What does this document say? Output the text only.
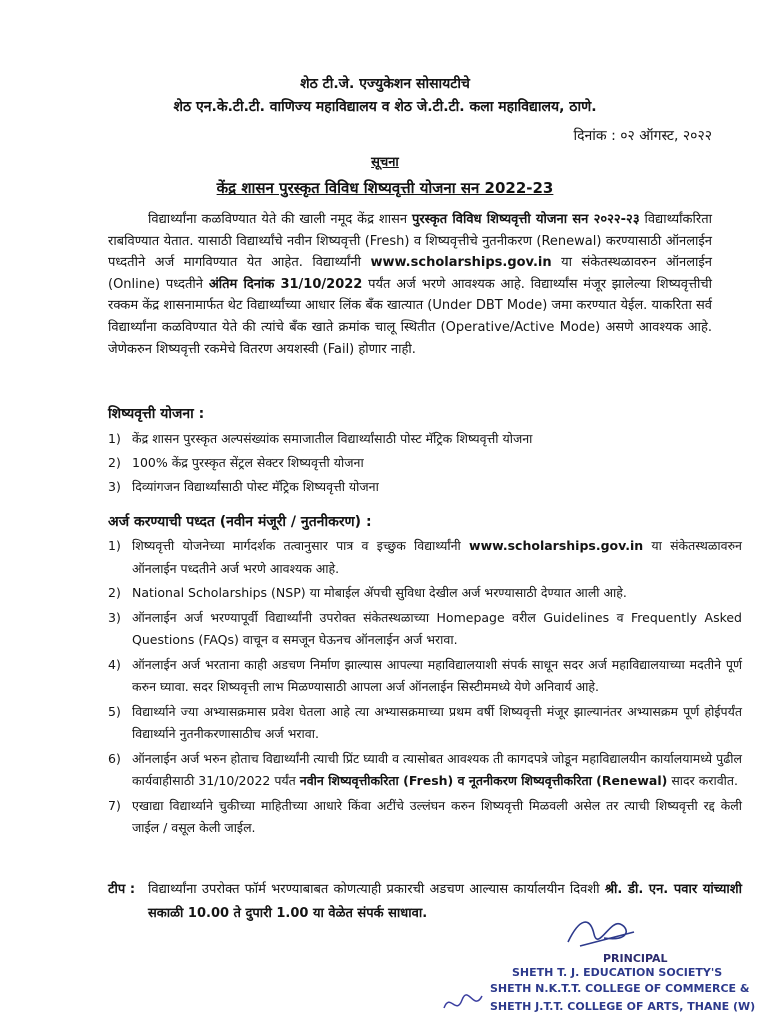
शेठ टी.जे. एज्युकेशन सोसायटीचे
शेठ एन.के.टी.टी. वाणिज्य महाविद्यालय व शेठ जे.टी.टी. कला महाविद्यालय, ठाणे.
दिनांक : ०२ ऑगस्ट, २०२२
सूचना
केंद्र शासन पुरस्कृत विविध शिष्यवृत्ती योजना सन 2022-23

विद्यार्थ्यांना कळविण्यात येते की खाली नमूद केंद्र शासन पुरस्कृत विविध शिष्यवृत्ती योजना सन २०२२-२३ विद्यार्थ्यांकरिता राबविण्यात येतात. यासाठी विद्यार्थ्यांचे नवीन शिष्यवृत्ती (Fresh) व शिष्यवृत्तीचे नुतनीकरण (Renewal) करण्यासाठी ऑनलाईन पध्दतीने अर्ज मागविण्यात येत आहेत. विद्यार्थ्यांनी www.scholarships.gov.in या संकेतस्थळावरुन ऑनलाईन (Online) पध्दतीने अंतिम दिनांक 31/10/2022 पर्यंत अर्ज भरणे आवश्यक आहे. विद्यार्थ्यांस मंजूर झालेल्या शिष्यवृत्तीची रक्कम केंद्र शासनामार्फत थेट विद्यार्थ्यांच्या आधार लिंक बँक खात्यात (Under DBT Mode) जमा करण्यात येईल. याकरिता सर्व विद्यार्थ्यांना कळविण्यात येते की त्यांचे बँक खाते क्रमांक चालू स्थितीत (Operative/Active Mode) असणे आवश्यक आहे. जेणेकरुन शिष्यवृत्ती रकमेचे वितरण अयशस्वी (Fail) होणार नाही.

शिष्यवृत्ती योजना :
1) केंद्र शासन पुरस्कृत अल्पसंख्यांक समाजातील विद्यार्थ्यांसाठी पोस्ट मॅट्रिक शिष्यवृत्ती योजना
2) 100% केंद्र पुरस्कृत सेंट्रल सेक्टर शिष्यवृत्ती योजना
3) दिव्यांगजन विद्यार्थ्यांसाठी पोस्ट मॅट्रिक शिष्यवृत्ती योजना
अर्ज करण्याची पध्दत (नवीन मंजूरी / नुतनीकरण) :
1) शिष्यवृत्ती योजनेच्या मार्गदर्शक तत्वानुसार पात्र व इच्छुक विद्यार्थ्यांनी www.scholarships.gov.in या संकेतस्थळावरुन ऑनलाईन पध्दतीने अर्ज भरणे आवश्यक आहे.
2) National Scholarships (NSP) या मोबाईल ॲपची सुविधा देखील अर्ज भरण्यासाठी देण्यात आली आहे.
3) ऑनलाईन अर्ज भरण्यापूर्वी विद्यार्थ्यांनी उपरोक्त संकेतस्थळाच्या Homepage वरील Guidelines व Frequently Asked Questions (FAQs) वाचून व समजून घेऊनच ऑनलाईन अर्ज भरावा.
4) ऑनलाईन अर्ज भरताना काही अडचण निर्माण झाल्यास आपल्या महाविद्यालयाशी संपर्क साधून सदर अर्ज महाविद्यालयाच्या मदतीने पूर्ण करुन घ्यावा. सदर शिष्यवृत्ती लाभ मिळण्यासाठी आपला अर्ज ऑनलाईन सिस्टीममध्ये येणे अनिवार्य आहे.
5) विद्यार्थ्याने ज्या अभ्यासक्रमास प्रवेश घेतला आहे त्या अभ्यासक्रमाच्या प्रथम वर्षी शिष्यवृत्ती मंजूर झाल्यानंतर अभ्यासक्रम पूर्ण होईपर्यंत विद्यार्थ्याने नुतनीकरणासाठीच अर्ज भरावा.
6) ऑनलाईन अर्ज भरुन होताच विद्यार्थ्यांनी त्याची प्रिंट घ्यावी व त्यासोबत आवश्यक ती कागदपत्रे जोडून महाविद्यालयीन कार्यालयामध्ये पुढील कार्यवाहीसाठी 31/10/2022 पर्यंत नवीन शिष्यवृत्तीकरिता (Fresh) व नूतनीकरण शिष्यवृत्तीकरिता (Renewal) सादर करावीत.
7) एखाद्या विद्यार्थ्याने चुकीच्या माहितीच्या आधारे किंवा अटींचे उल्लंघन करुन शिष्यवृत्ती मिळवली असेल तर त्याची शिष्यवृत्ती रद्द केली जाईल / वसूल केली जाईल.
टीप : विद्यार्थ्यांना उपरोक्त फॉर्म भरण्याबाबत कोणत्याही प्रकारची अडचण आल्यास कार्यालयीन दिवशी श्री. डी. एन. पवार यांच्याशी सकाळी 10.00 ते दुपारी 1.00 या वेळेत संपर्क साधावा.
PRINCIPAL
SHETH T. J. EDUCATION SOCIETY'S
SHETH N.K.T.T. COLLEGE OF COMMERCE &
SHETH J.T.T. COLLEGE OF ARTS, THANE (W)
